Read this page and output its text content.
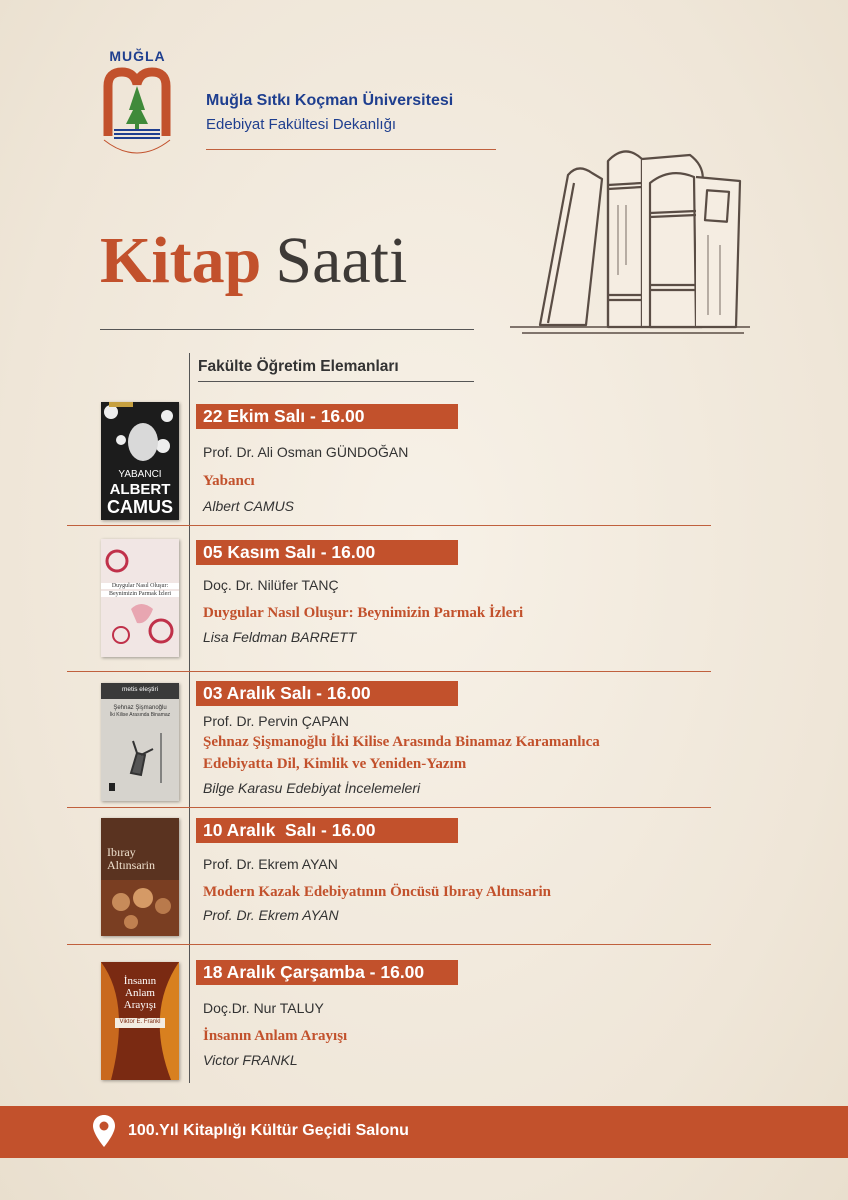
MUĞLA
Muğla Sıtkı Koçman Üniversitesi
Edebiyat Fakültesi Dekanlığı
Kitap Saati
Fakülte Öğretim Elemanları
YABANCI
ALBERT
CAMUS
22 Ekim Salı - 16.00
Prof. Dr. Ali Osman GÜNDOĞAN
Yabancı
Albert CAMUS
Duygular Nasıl Oluşur:
Beynimizin Parmak İzleri
05 Kasım Salı - 16.00
Doç. Dr. Nilüfer TANÇ
Duygular Nasıl Oluşur: Beynimizin Parmak İzleri
Lisa Feldman BARRETT
metis eleştiri
Şehnaz Şişmanoğlu
İki Kilise Arasında Binamaz
03 Aralık Salı - 16.00
Prof. Dr. Pervin ÇAPAN
Şehnaz Şişmanoğlu İki Kilise Arasında Binamaz Karamanlıca Edebiyatta Dil, Kimlik ve Yeniden-Yazım
Bilge Karasu Edebiyat İncelemeleri
Ibıray
Altınsarin
10 Aralık  Salı - 16.00
Prof. Dr. Ekrem AYAN
Modern Kazak Edebiyatının Öncüsü Ibıray Altınsarin
Prof. Dr. Ekrem AYAN
İnsanın
Anlam
Arayışı
Viktor E. Frankl
18 Aralık Çarşamba - 16.00
Doç.Dr. Nur TALUY
İnsanın Anlam Arayışı
Victor FRANKL
100.Yıl Kitaplığı Kültür Geçidi Salonu
